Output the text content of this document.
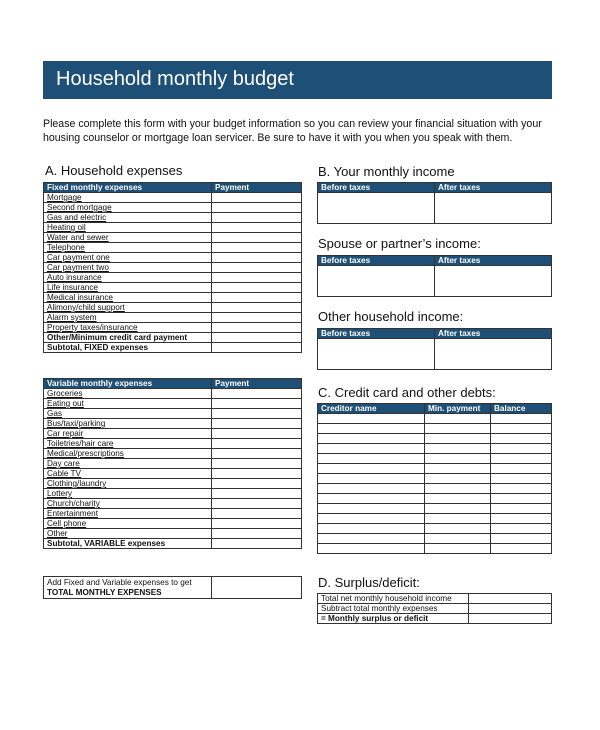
Household monthly budget
Please complete this form with your budget information so you can review your financial situation with your housing counselor or mortgage loan servicer. Be sure to have it with you when you speak with them.
A. Household expenses
Fixed monthly expenses	Payment
Mortgage	
Second mortgage	
Gas and electric	
Heating oil	
Water and sewer	
Telephone	
Car payment one	
Car payment two	
Auto insurance	
Life insurance	
Medical insurance	
Alimony/child support	
Alarm system	
Property taxes/insurance	
Other/Minimum credit card payment	
Subtotal, FIXED expenses	
Variable monthly expenses	Payment
Groceries	
Eating out	
Gas	
Bus/taxi/parking	
Car repair	
Toiletries/hair care	
Medical/prescriptions	
Day care	
Cable TV	
Clothing/laundry	
Lottery	
Church/charity	
Entertainment	
Cell phone	
Other	
Subtotal, VARIABLE expenses	
Add Fixed and Variable expenses to get
TOTAL MONTHLY EXPENSES

B. Your monthly income
Before taxes	After taxes

Spouse or partner’s income:
Before taxes	After taxes

Other household income:
Before taxes	After taxes

C. Credit card and other debts:
Creditor name	Min. payment	Balance

D. Surplus/deficit:
Total net monthly household income	
Subtract total monthly expenses	
= Monthly surplus or deficit	
